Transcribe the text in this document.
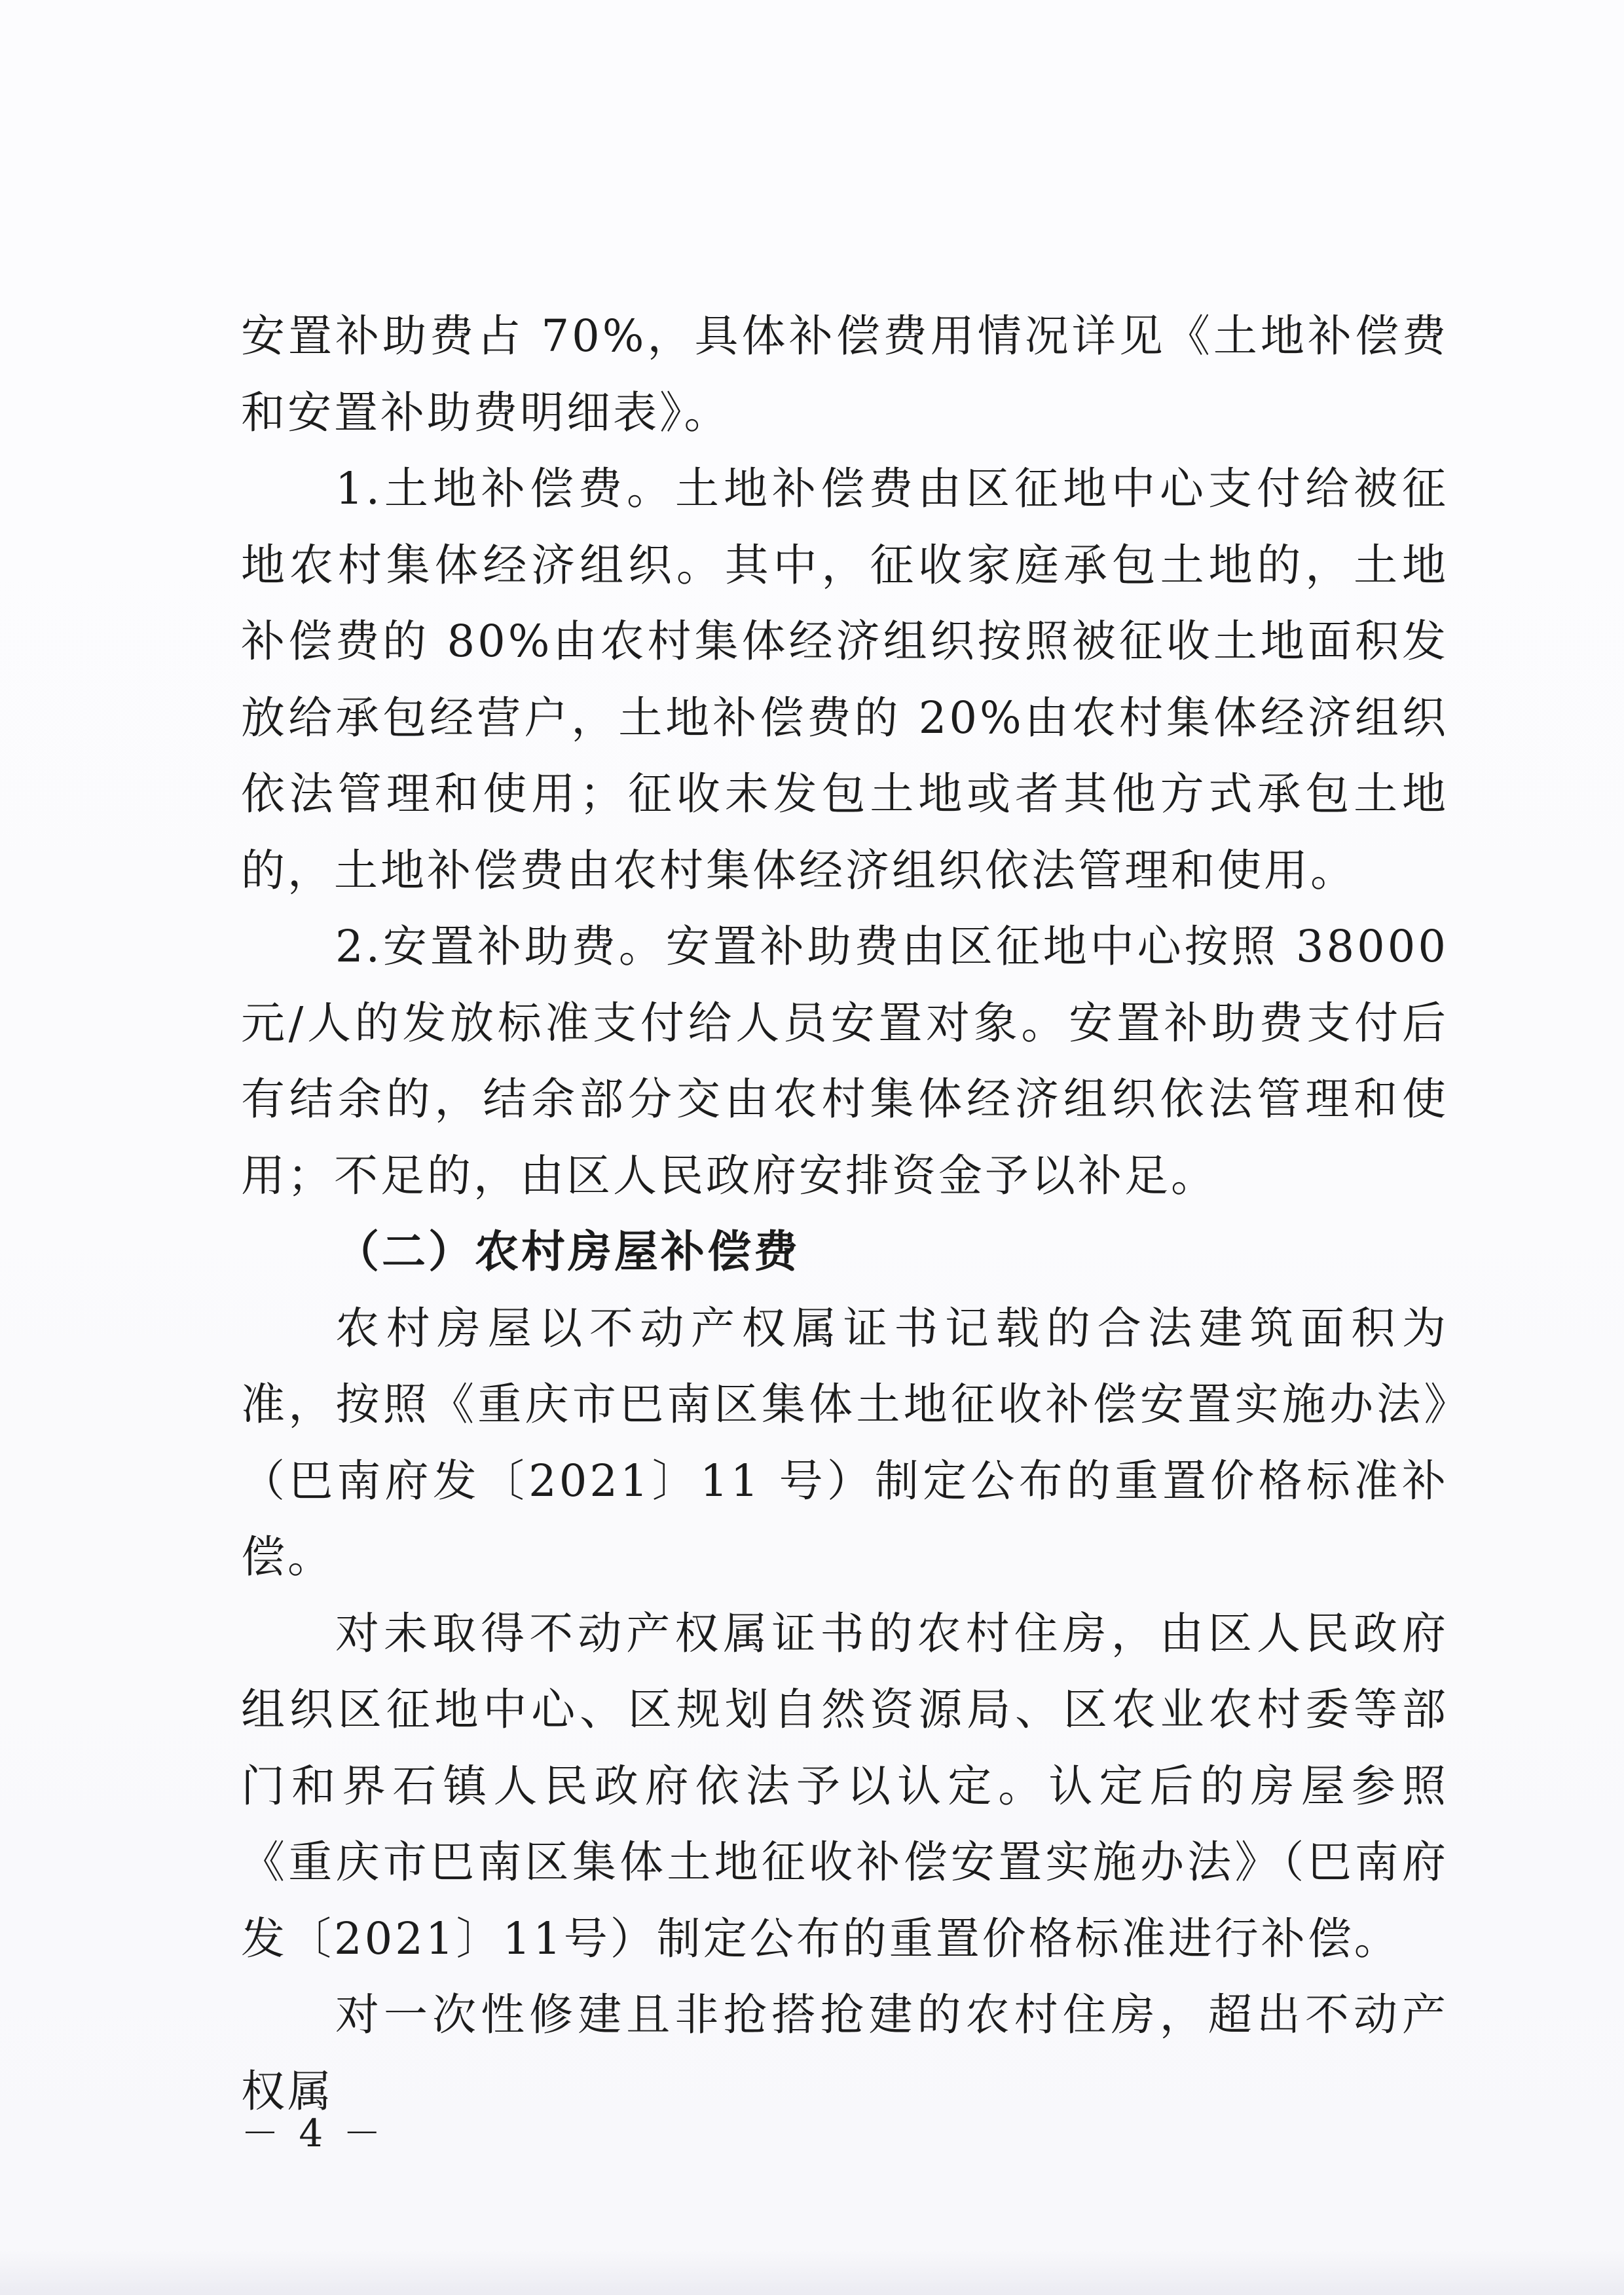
安置补助费占 70%，具体补偿费用情况详见《土地补偿费和安置补助费明细表》。

1.土地补偿费。土地补偿费由区征地中心支付给被征地农村集体经济组织。其中，征收家庭承包土地的，土地补偿费的 80%由农村集体经济组织按照被征收土地面积发放给承包经营户，土地补偿费的 20%由农村集体经济组织依法管理和使用；征收未发包土地或者其他方式承包土地的，土地补偿费由农村集体经济组织依法管理和使用。

2.安置补助费。安置补助费由区征地中心按照 38000 元/人的发放标准支付给人员安置对象。安置补助费支付后有结余的，结余部分交由农村集体经济组织依法管理和使用；不足的，由区人民政府安排资金予以补足。

（二）农村房屋补偿费

农村房屋以不动产权属证书记载的合法建筑面积为准，按照《重庆市巴南区集体土地征收补偿安置实施办法》（巴南府发〔2021〕11 号）制定公布的重置价格标准补偿。

对未取得不动产权属证书的农村住房，由区人民政府组织区征地中心、区规划自然资源局、区农业农村委等部门和界石镇人民政府依法予以认定。认定后的房屋参照《重庆市巴南区集体土地征收补偿安置实施办法》（巴南府发〔2021〕11号）制定公布的重置价格标准进行补偿。

对一次性修建且非抢搭抢建的农村住房，超出不动产权属

－ 4 －
